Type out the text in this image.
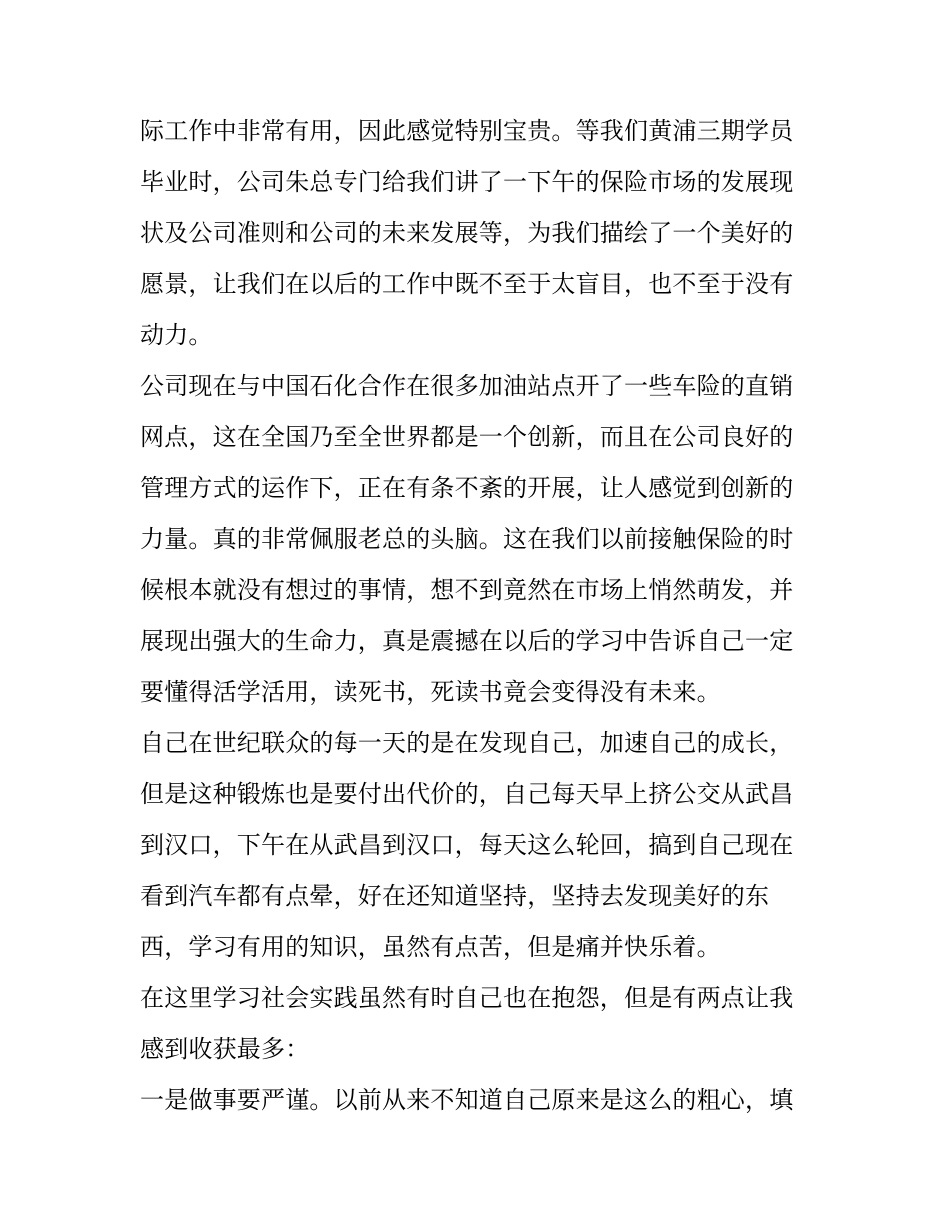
际工作中非常有用，因此感觉特别宝贵。等我们黄浦三期学员
毕业时，公司朱总专门给我们讲了一下午的保险市场的发展现
状及公司准则和公司的未来发展等，为我们描绘了一个美好的
愿景，让我们在以后的工作中既不至于太盲目，也不至于没有
动力。
公司现在与中国石化合作在很多加油站点开了一些车险的直销
网点，这在全国乃至全世界都是一个创新，而且在公司良好的
管理方式的运作下，正在有条不紊的开展，让人感觉到创新的
力量。真的非常佩服老总的头脑。这在我们以前接触保险的时
候根本就没有想过的事情，想不到竟然在市场上悄然萌发，并
展现出强大的生命力，真是震撼在以后的学习中告诉自己一定
要懂得活学活用，读死书，死读书竟会变得没有未来。
自己在世纪联众的每一天的是在发现自己，加速自己的成长，
但是这种锻炼也是要付出代价的，自己每天早上挤公交从武昌
到汉口，下午在从武昌到汉口，每天这么轮回，搞到自己现在
看到汽车都有点晕，好在还知道坚持，坚持去发现美好的东
西，学习有用的知识，虽然有点苦，但是痛并快乐着。
在这里学习社会实践虽然有时自己也在抱怨，但是有两点让我
感到收获最多：
一是做事要严谨。以前从来不知道自己原来是这么的粗心，填
